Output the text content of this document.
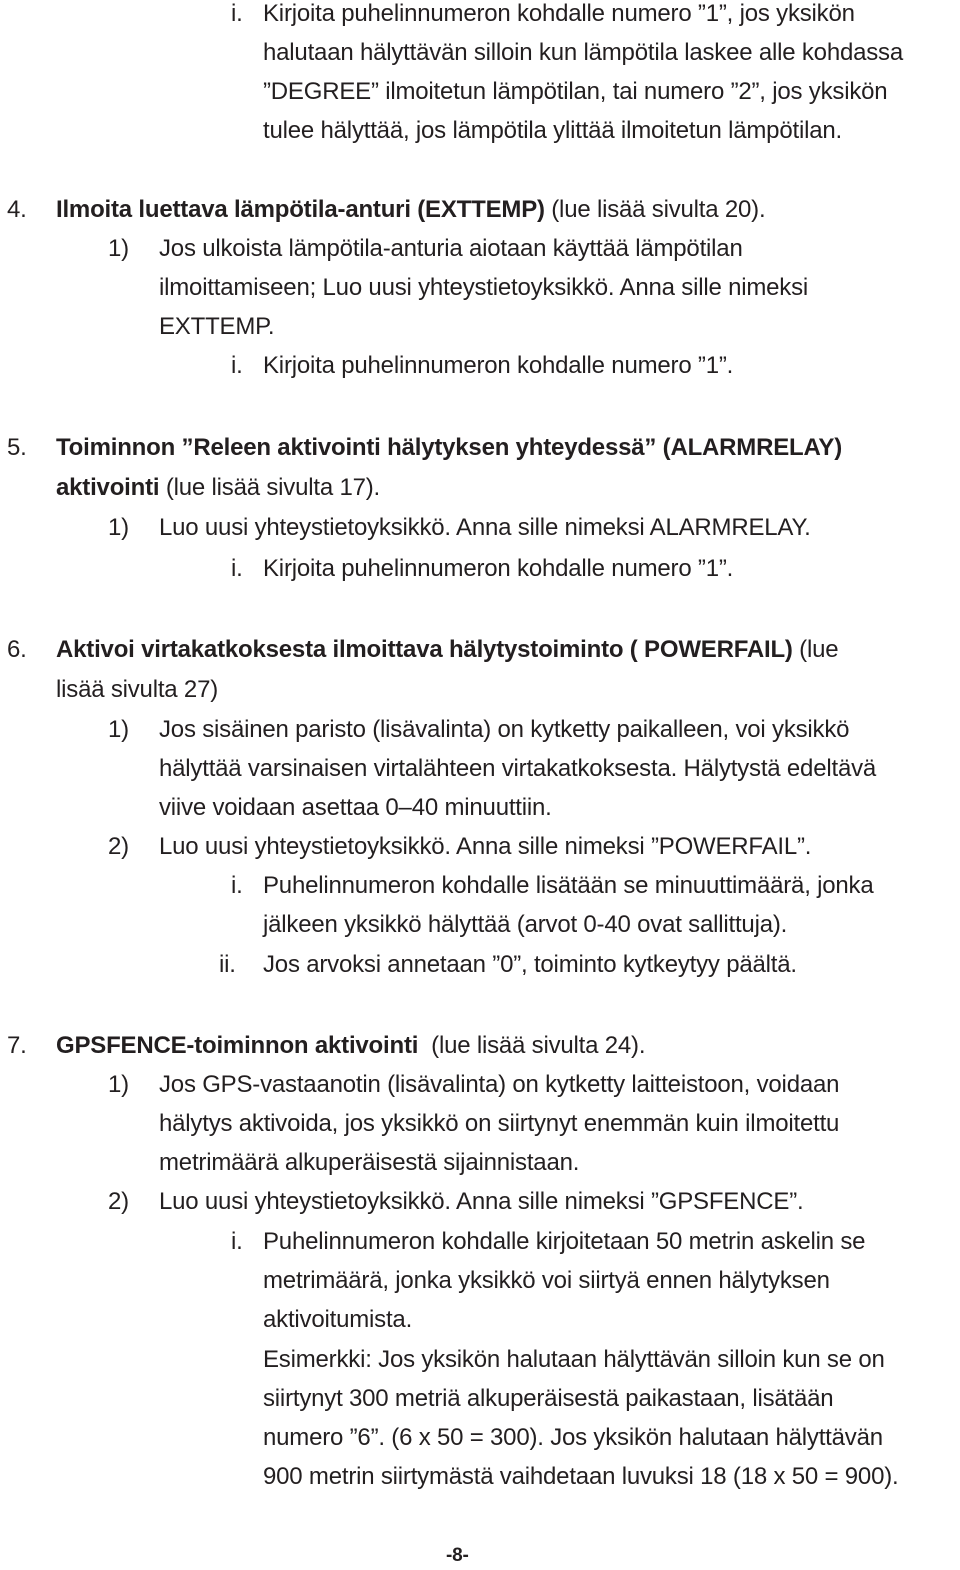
i. Kirjoita puhelinnumeron kohdalle numero ”1”, jos yksikön
halutaan hälyttävän silloin kun lämpötila laskee alle kohdassa
”DEGREE” ilmoitetun lämpötilan, tai numero ”2”, jos yksikön
tulee hälyttää, jos lämpötila ylittää ilmoitetun lämpötilan.
4. Ilmoita luettava lämpötila-anturi (EXTTEMP) (lue lisää sivulta 20).
1) Jos ulkoista lämpötila-anturia aiotaan käyttää lämpötilan
ilmoittamiseen; Luo uusi yhteystietoyksikkö. Anna sille nimeksi
EXTTEMP.
i. Kirjoita puhelinnumeron kohdalle numero ”1”.
5. Toiminnon ”Releen aktivointi hälytyksen yhteydessä” (ALARMRELAY)
aktivointi (lue lisää sivulta 17).
1) Luo uusi yhteystietoyksikkö. Anna sille nimeksi ALARMRELAY.
i. Kirjoita puhelinnumeron kohdalle numero ”1”.
6. Aktivoi virtakatkoksesta ilmoittava hälytystoiminto ( POWERFAIL) (lue
lisää sivulta 27)
1) Jos sisäinen paristo (lisävalinta) on kytketty paikalleen, voi yksikkö
hälyttää varsinaisen virtalähteen virtakatkoksesta. Hälytystä edeltävä
viive voidaan asettaa 0‒40 minuuttiin.
2) Luo uusi yhteystietoyksikkö. Anna sille nimeksi ”POWERFAIL”.
i. Puhelinnumeron kohdalle lisätään se minuuttimäärä, jonka
jälkeen yksikkö hälyttää (arvot 0-40 ovat sallittuja).
ii. Jos arvoksi annetaan ”0”, toiminto kytkeytyy päältä.
7. GPSFENCE-toiminnon aktivointi  (lue lisää sivulta 24).
1) Jos GPS-vastaanotin (lisävalinta) on kytketty laitteistoon, voidaan
hälytys aktivoida, jos yksikkö on siirtynyt enemmän kuin ilmoitettu
metrimäärä alkuperäisestä sijainnistaan.
2) Luo uusi yhteystietoyksikkö. Anna sille nimeksi ”GPSFENCE”.
i. Puhelinnumeron kohdalle kirjoitetaan 50 metrin askelin se
metrimäärä, jonka yksikkö voi siirtyä ennen hälytyksen
aktivoitumista.
Esimerkki: Jos yksikön halutaan hälyttävän silloin kun se on
siirtynyt 300 metriä alkuperäisestä paikastaan, lisätään
numero ”6”. (6 x 50 = 300). Jos yksikön halutaan hälyttävän
900 metrin siirtymästä vaihdetaan luvuksi 18 (18 x 50 = 900).
-8-
